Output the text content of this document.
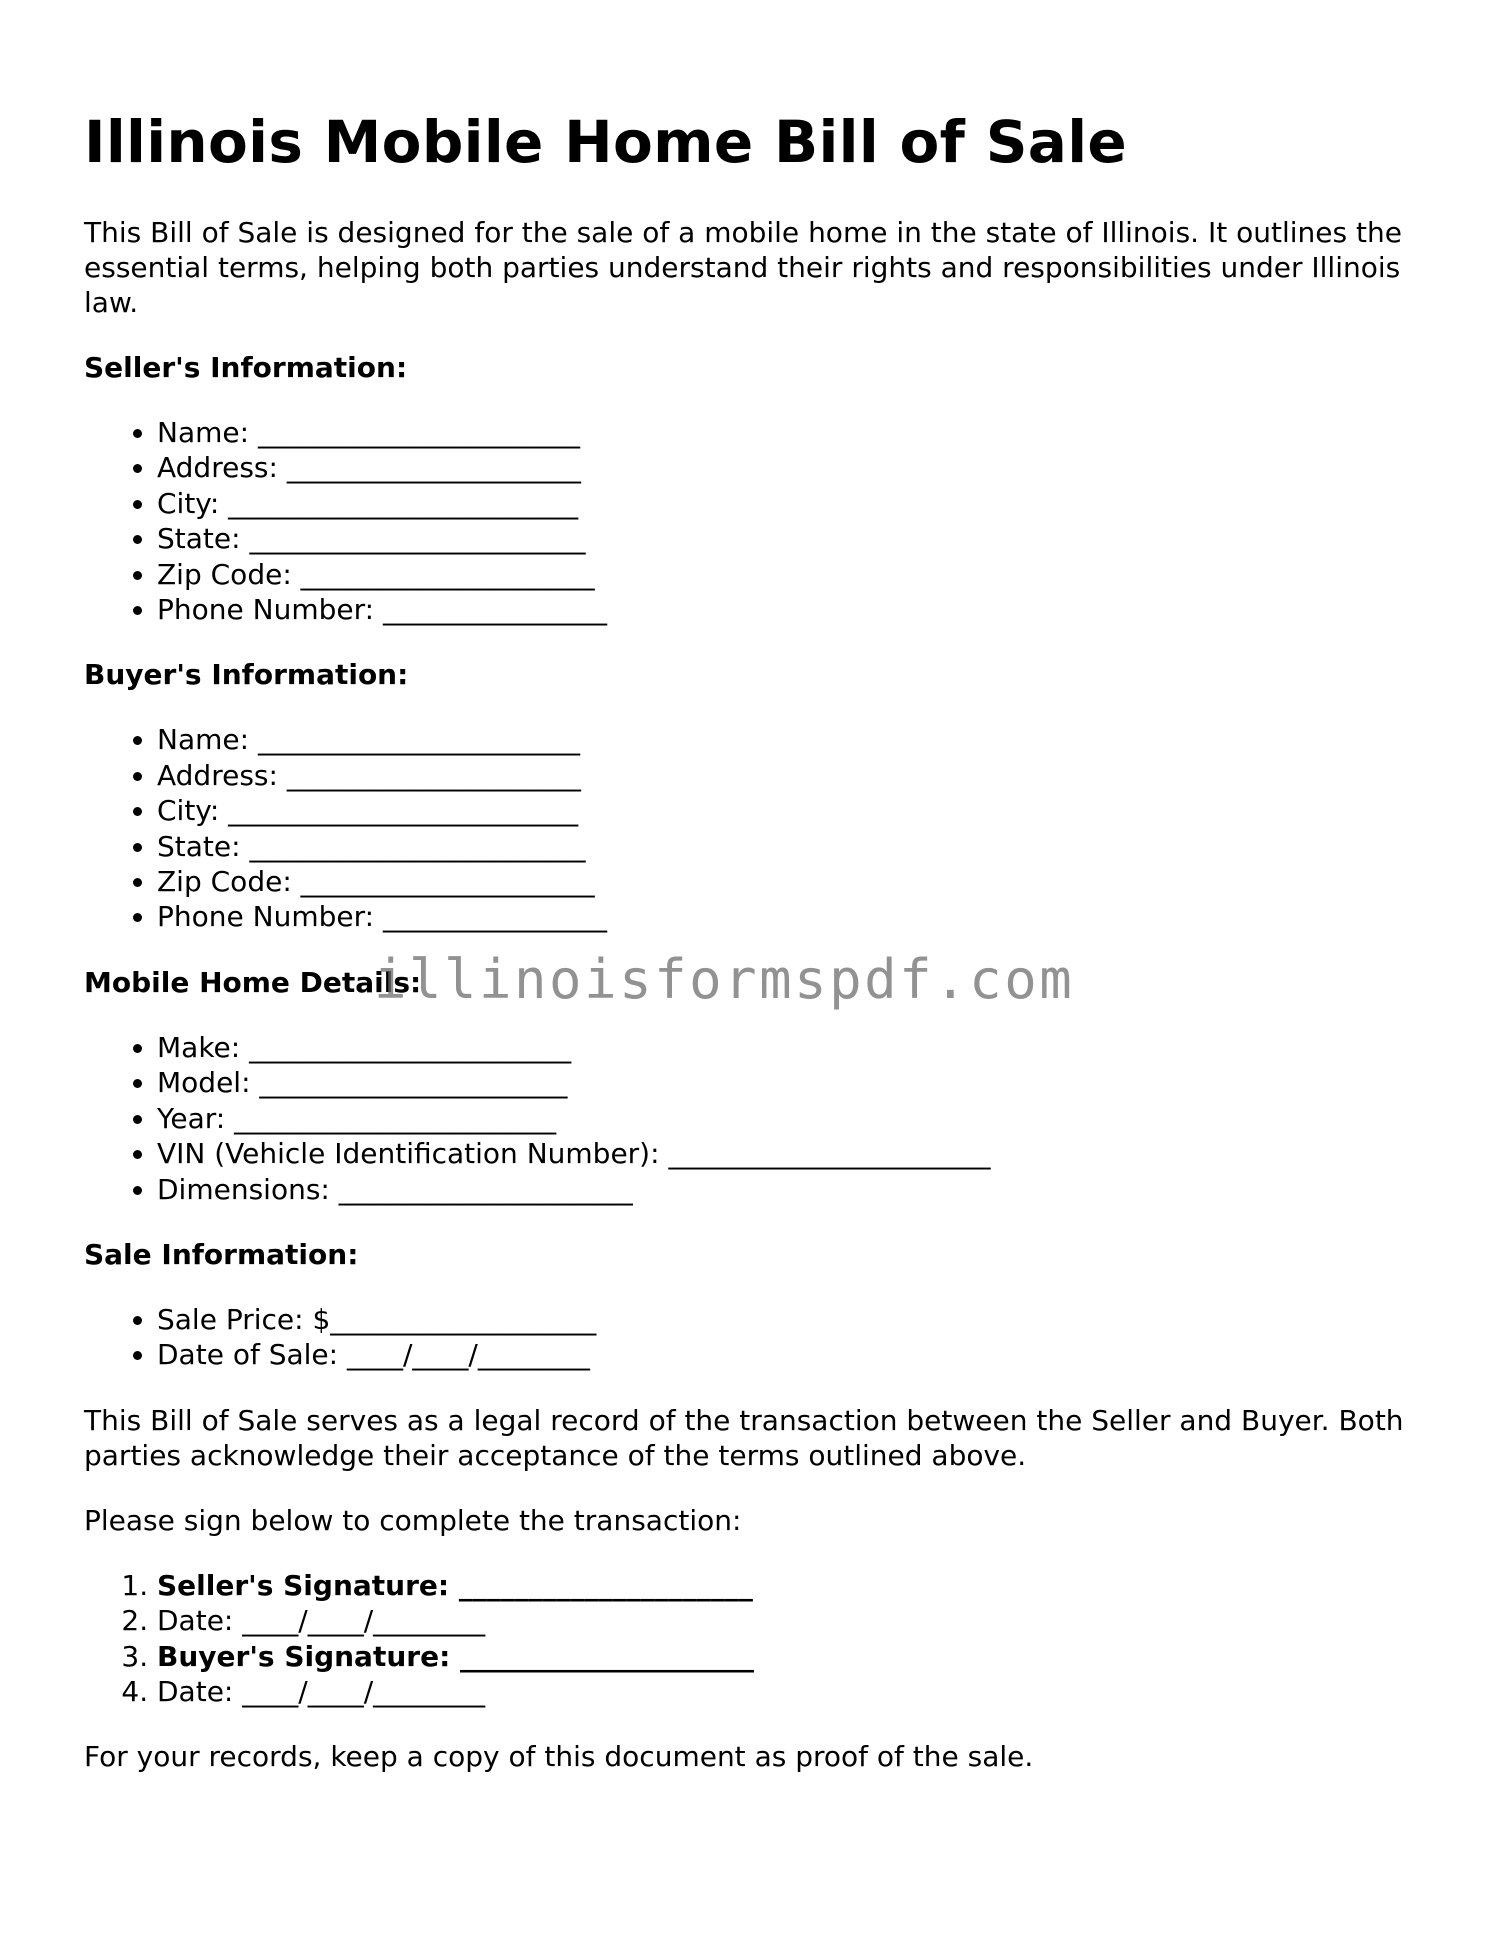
Illinois Mobile Home Bill of Sale

This Bill of Sale is designed for the sale of a mobile home in the state of Illinois. It outlines the essential terms, helping both parties understand their rights and responsibilities under Illinois law.

Seller's Information:
• Name: _______________________
• Address: _____________________
• City: _________________________
• State: ________________________
• Zip Code: _____________________
• Phone Number: ________________
Buyer's Information:
• Name: _______________________
• Address: _____________________
• City: _________________________
• State: ________________________
• Zip Code: _____________________
• Phone Number: ________________
Mobile Home Details:
• Make: _______________________
• Model: ______________________
• Year: _______________________
• VIN (Vehicle Identification Number): _______________________
• Dimensions: _____________________
Sale Information:
• Sale Price: $___________________
• Date of Sale: ____/____/________

This Bill of Sale serves as a legal record of the transaction between the Seller and Buyer. Both parties acknowledge their acceptance of the terms outlined above.

Please sign below to complete the transaction:

1. Seller's Signature: _____________________
2. Date: ____/____/________
3. Buyer's Signature: _____________________
4. Date: ____/____/________

For your records, keep a copy of this document as proof of the sale.

illinoisformspdf.com
